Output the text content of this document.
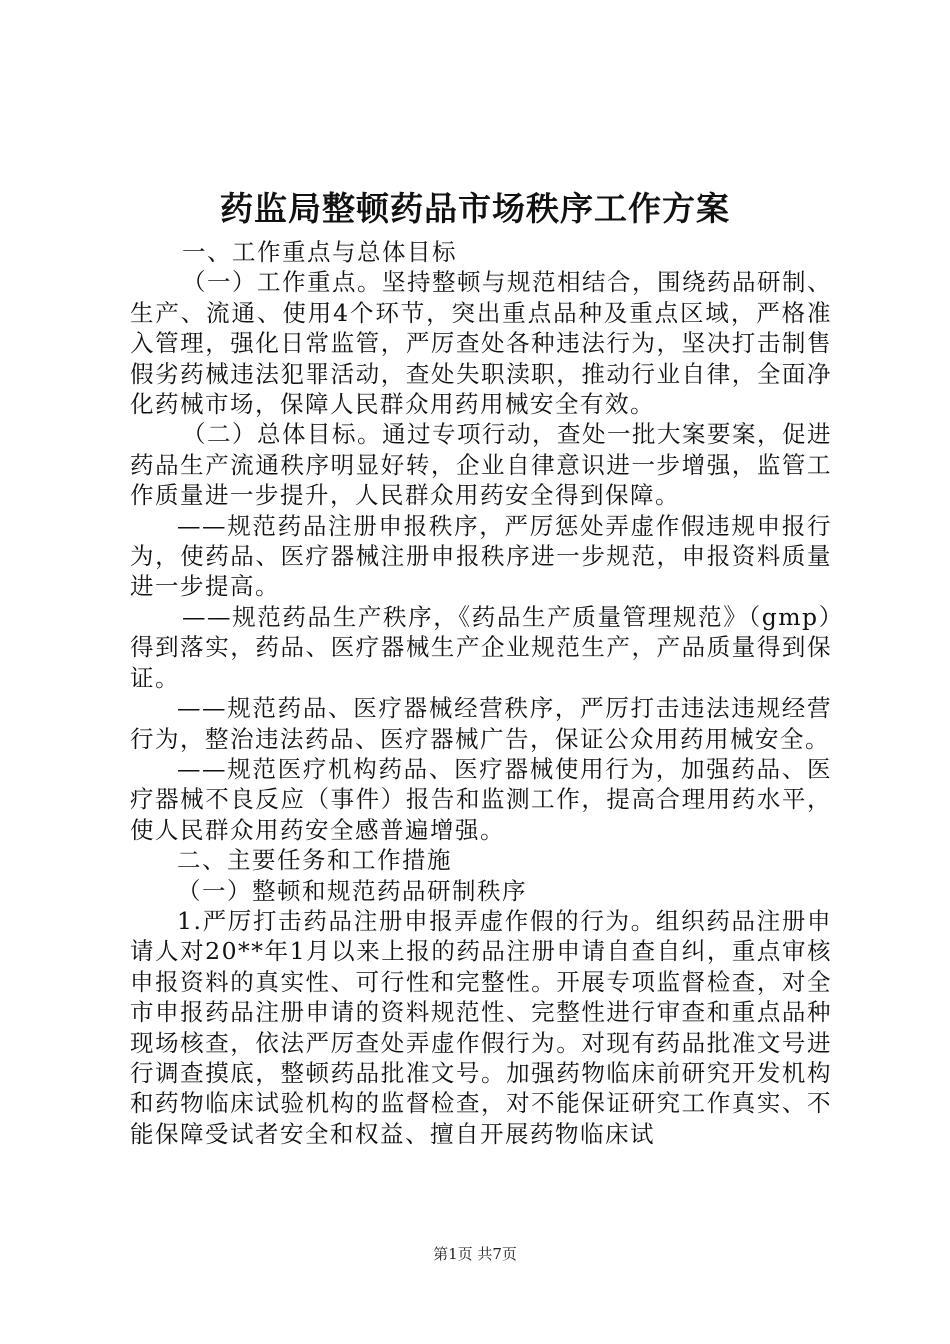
药监局整顿药品市场秩序工作方案

一、工作重点与总体目标

（一）工作重点。坚持整顿与规范相结合，围绕药品研制、生产、流通、使用4个环节，突出重点品种及重点区域，严格准入管理，强化日常监管，严厉查处各种违法行为，坚决打击制售假劣药械违法犯罪活动，查处失职渎职，推动行业自律，全面净化药械市场，保障人民群众用药用械安全有效。

（二）总体目标。通过专项行动，查处一批大案要案，促进药品生产流通秩序明显好转，企业自律意识进一步增强，监管工作质量进一步提升，人民群众用药安全得到保障。

——规范药品注册申报秩序，严厉惩处弄虚作假违规申报行为，使药品、医疗器械注册申报秩序进一步规范，申报资料质量进一步提高。

——规范药品生产秩序，《药品生产质量管理规范》（gmp）得到落实，药品、医疗器械生产企业规范生产，产品质量得到保证。

——规范药品、医疗器械经营秩序，严厉打击违法违规经营行为，整治违法药品、医疗器械广告，保证公众用药用械安全。

——规范医疗机构药品、医疗器械使用行为，加强药品、医疗器械不良反应（事件）报告和监测工作，提高合理用药水平，使人民群众用药安全感普遍增强。

二、主要任务和工作措施

（一）整顿和规范药品研制秩序

1.严厉打击药品注册申报弄虚作假的行为。组织药品注册申请人对20**年1月以来上报的药品注册申请自查自纠，重点审核申报资料的真实性、可行性和完整性。开展专项监督检查，对全市申报药品注册申请的资料规范性、完整性进行审查和重点品种现场核查，依法严厉查处弄虚作假行为。对现有药品批准文号进行调查摸底，整顿药品批准文号。加强药物临床前研究开发机构和药物临床试验机构的监督检查，对不能保证研究工作真实、不能保障受试者安全和权益、擅自开展药物临床试

第1页 共7页
